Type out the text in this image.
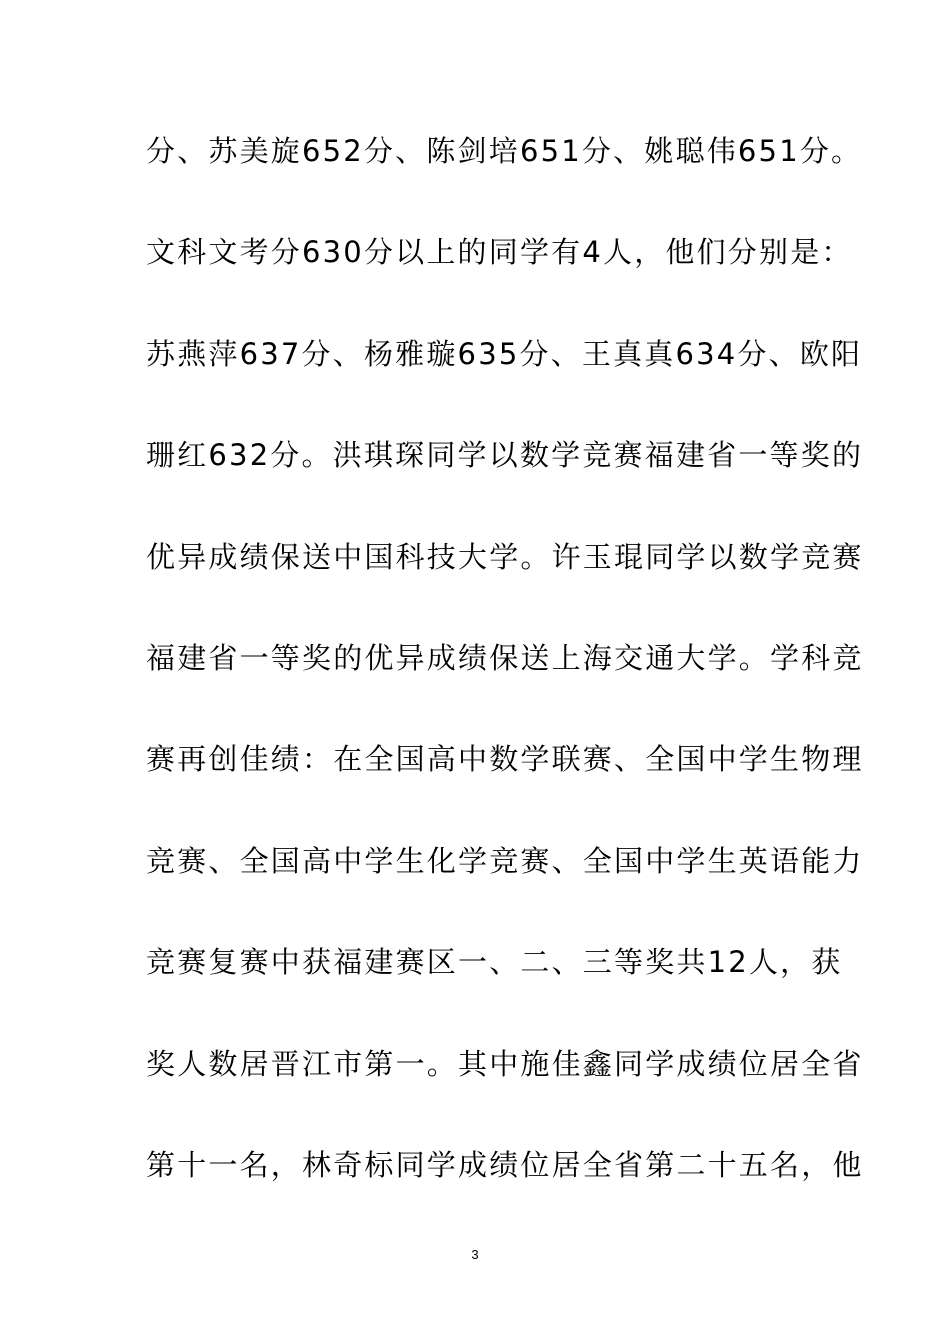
分、苏美旋652分、陈剑培651分、姚聪伟651分。
文科文考分630分以上的同学有4人，他们分别是：
苏燕萍637分、杨雅璇635分、王真真634分、欧阳
珊红632分。洪琪琛同学以数学竞赛福建省一等奖的
优异成绩保送中国科技大学。许玉琨同学以数学竞赛
福建省一等奖的优异成绩保送上海交通大学。学科竞
赛再创佳绩：在全国高中数学联赛、全国中学生物理
竞赛、全国高中学生化学竞赛、全国中学生英语能力
竞赛复赛中获福建赛区一、二、三等奖共12人，获
奖人数居晋江市第一。其中施佳鑫同学成绩位居全省
第十一名，林奇标同学成绩位居全省第二十五名，他
3
